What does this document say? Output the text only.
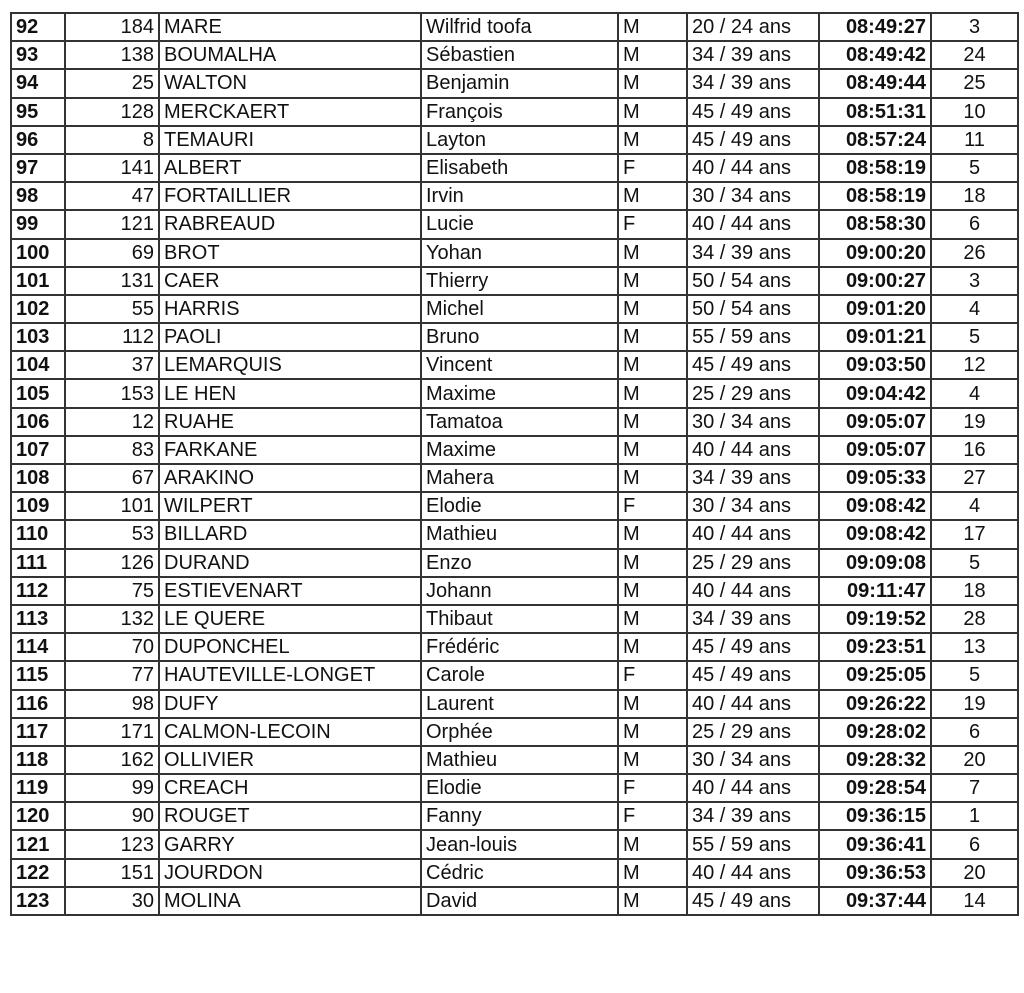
92	184	MARE	Wilfrid toofa	M	20 / 24 ans	08:49:27	3
93	138	BOUMALHA	Sébastien	M	34 / 39 ans	08:49:42	24
94	25	WALTON	Benjamin	M	34 / 39 ans	08:49:44	25
95	128	MERCKAERT	François	M	45 / 49 ans	08:51:31	10
96	8	TEMAURI	Layton	M	45 / 49 ans	08:57:24	11
97	141	ALBERT	Elisabeth	F	40 / 44 ans	08:58:19	5
98	47	FORTAILLIER	Irvin	M	30 / 34 ans	08:58:19	18
99	121	RABREAUD	Lucie	F	40 / 44 ans	08:58:30	6
100	69	BROT	Yohan	M	34 / 39 ans	09:00:20	26
101	131	CAER	Thierry	M	50 / 54 ans	09:00:27	3
102	55	HARRIS	Michel	M	50 / 54 ans	09:01:20	4
103	112	PAOLI	Bruno	M	55 / 59 ans	09:01:21	5
104	37	LEMARQUIS	Vincent	M	45 / 49 ans	09:03:50	12
105	153	LE HEN	Maxime	M	25 / 29 ans	09:04:42	4
106	12	RUAHE	Tamatoa	M	30 / 34 ans	09:05:07	19
107	83	FARKANE	Maxime	M	40 / 44 ans	09:05:07	16
108	67	ARAKINO	Mahera	M	34 / 39 ans	09:05:33	27
109	101	WILPERT	Elodie	F	30 / 34 ans	09:08:42	4
110	53	BILLARD	Mathieu	M	40 / 44 ans	09:08:42	17
111	126	DURAND	Enzo	M	25 / 29 ans	09:09:08	5
112	75	ESTIEVENART	Johann	M	40 / 44 ans	09:11:47	18
113	132	LE QUERE	Thibaut	M	34 / 39 ans	09:19:52	28
114	70	DUPONCHEL	Frédéric	M	45 / 49 ans	09:23:51	13
115	77	HAUTEVILLE-LONGET	Carole	F	45 / 49 ans	09:25:05	5
116	98	DUFY	Laurent	M	40 / 44 ans	09:26:22	19
117	171	CALMON-LECOIN	Orphée	M	25 / 29 ans	09:28:02	6
118	162	OLLIVIER	Mathieu	M	30 / 34 ans	09:28:32	20
119	99	CREACH	Elodie	F	40 / 44 ans	09:28:54	7
120	90	ROUGET	Fanny	F	34 / 39 ans	09:36:15	1
121	123	GARRY	Jean-louis	M	55 / 59 ans	09:36:41	6
122	151	JOURDON	Cédric	M	40 / 44 ans	09:36:53	20
123	30	MOLINA	David	M	45 / 49 ans	09:37:44	14
